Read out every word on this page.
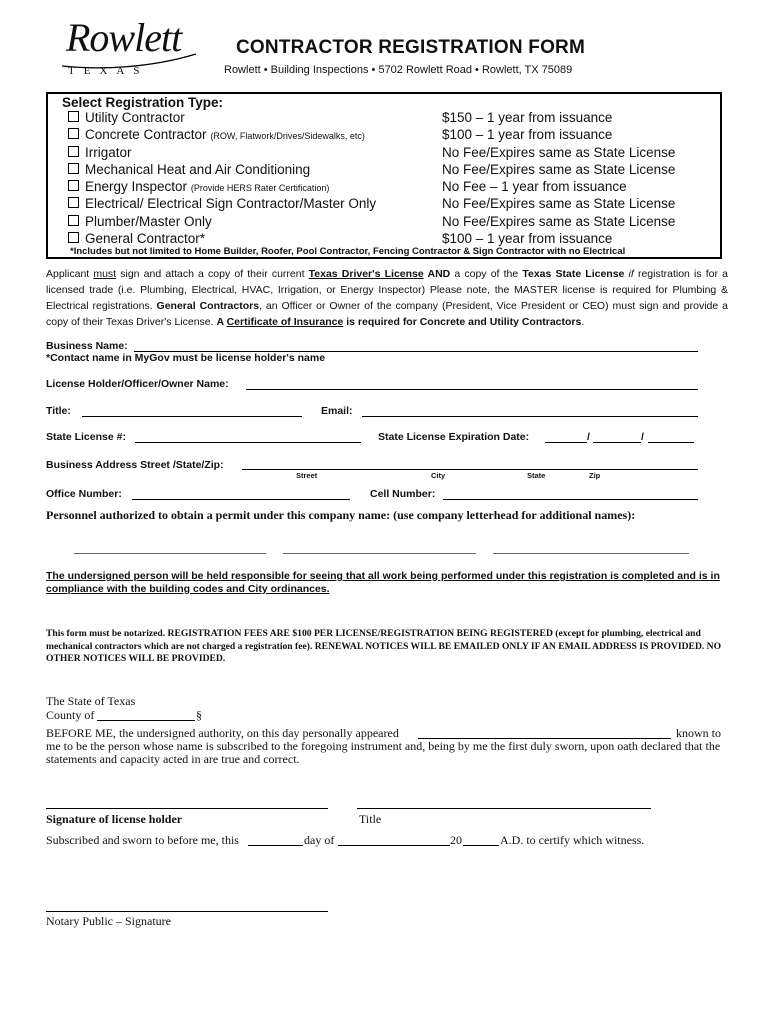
Rowlett
TEXAS
CONTRACTOR REGISTRATION FORM
Rowlett • Building Inspections • 5702 Rowlett Road • Rowlett, TX 75089
Select Registration Type:
Utility Contractor	$150 – 1 year from issuance
Concrete Contractor (ROW, Flatwork/Drives/Sidewalks, etc)	$100 – 1 year from issuance
Irrigator	No Fee/Expires same as State License
Mechanical Heat and Air Conditioning	No Fee/Expires same as State License
Energy Inspector (Provide HERS Rater Certification)	No Fee – 1 year from issuance
Electrical/ Electrical Sign Contractor/Master Only	No Fee/Expires same as State License
Plumber/Master Only	No Fee/Expires same as State License
General Contractor*	$100 – 1 year from issuance
*Includes but not limited to Home Builder, Roofer, Pool Contractor, Fencing Contractor & Sign Contractor with no Electrical
Applicant must sign and attach a copy of their current Texas Driver's License AND a copy of the Texas State License if registration is for a licensed trade (i.e. Plumbing, Electrical, HVAC, Irrigation, or Energy Inspector) Please note, the MASTER license is required for Plumbing & Electrical registrations. General Contractors, an Officer or Owner of the company (President, Vice President or CEO) must sign and provide a copy of their Texas Driver's License. A Certificate of Insurance is required for Concrete and Utility Contractors.
Business Name:
*Contact name in MyGov must be license holder's name
License Holder/Officer/Owner Name:
Title:	Email:
State License #:	State License Expiration Date:	/	/
Business Address Street /State/Zip:
Street	City	State	Zip
Office Number:	Cell Number:
Personnel authorized to obtain a permit under this company name: (use company letterhead for additional names):
The undersigned person will be held responsible for seeing that all work being performed under this registration is completed and is in compliance with the building codes and City ordinances.
This form must be notarized. REGISTRATION FEES ARE $100 PER LICENSE/REGISTRATION BEING REGISTERED (except for plumbing, electrical and mechanical contractors which are not charged a registration fee). RENEWAL NOTICES WILL BE EMAILED ONLY IF AN EMAIL ADDRESS IS PROVIDED. NO OTHER NOTICES WILL BE PROVIDED.
The State of Texas
County of	§
BEFORE ME, the undersigned authority, on this day personally appeared	known to
me to be the person whose name is subscribed to the foregoing instrument and, being by me the first duly sworn, upon oath declared that the statements and capacity acted in are true and correct.
Signature of license holder	Title
Subscribed and sworn to before me, this	day of	20	A.D. to certify which witness.
Notary Public – Signature
